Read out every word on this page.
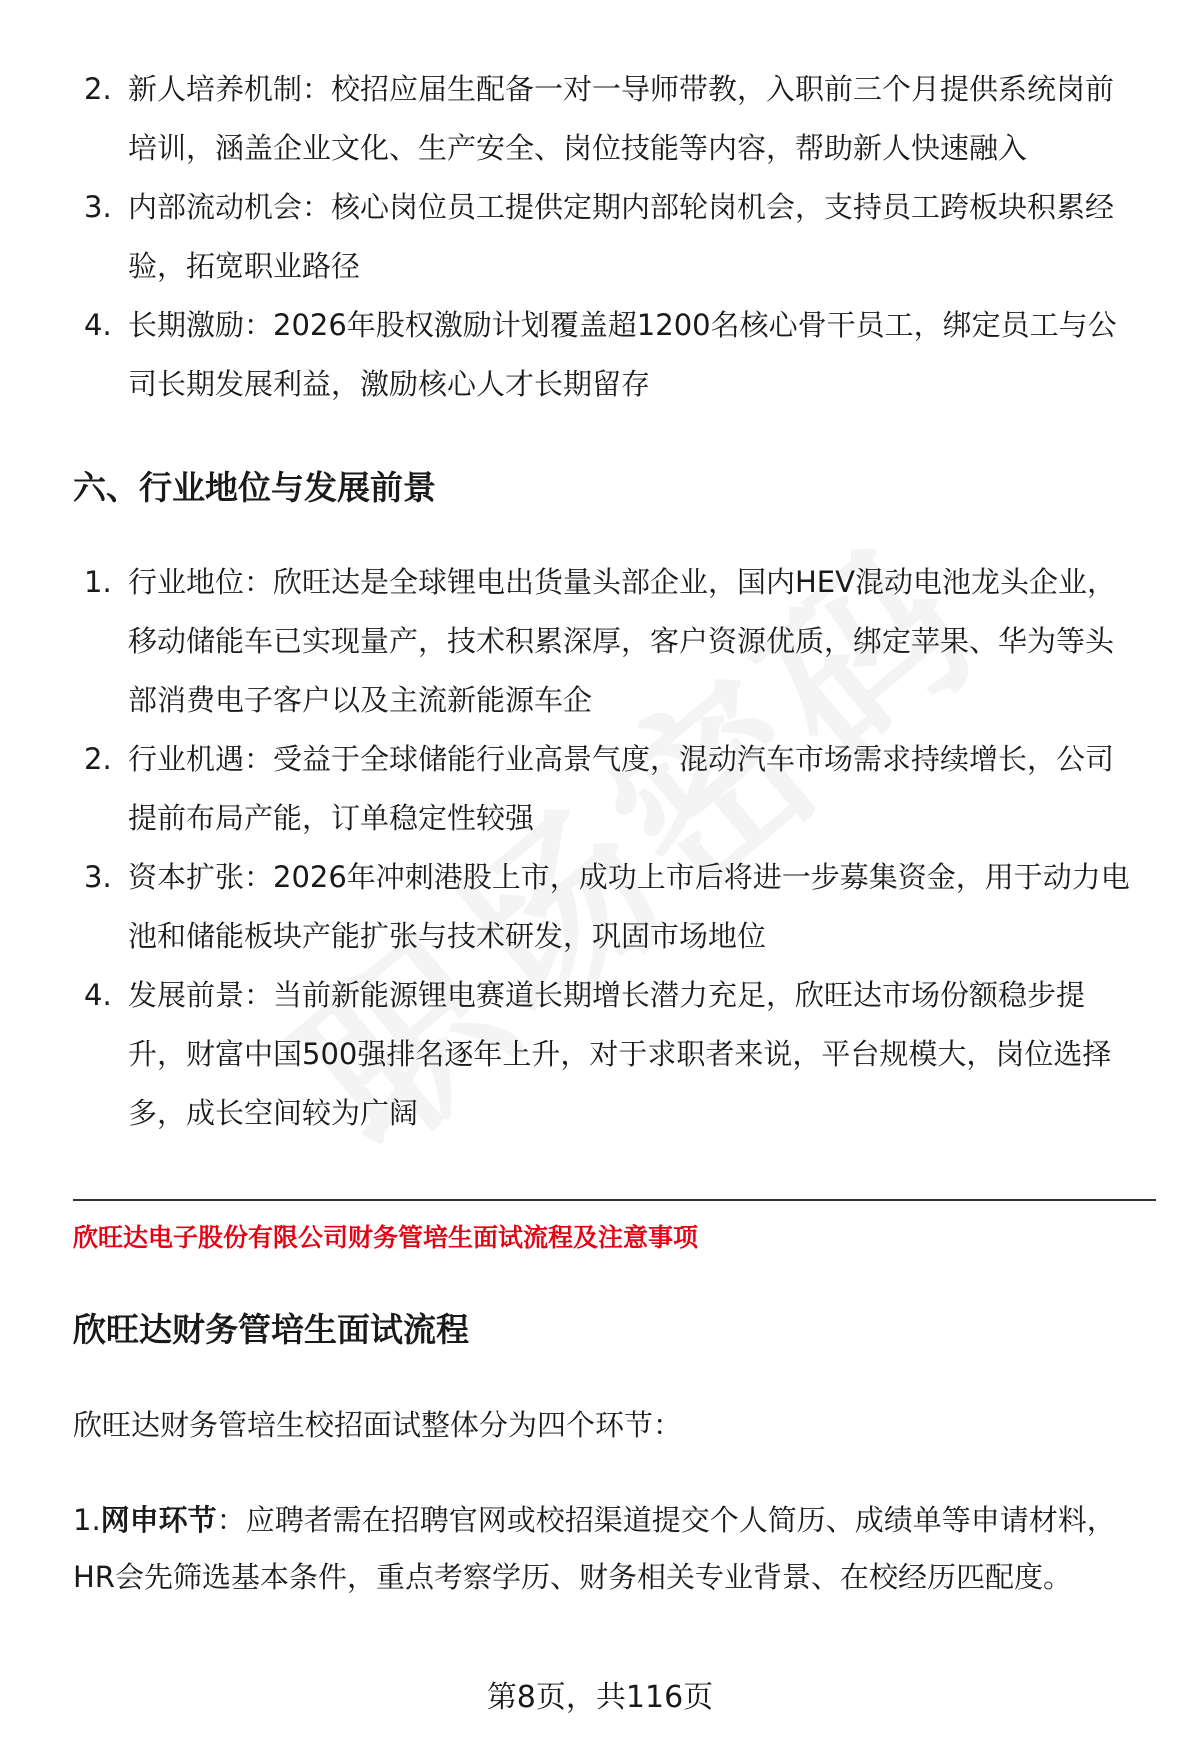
2. 新人培养机制：校招应届生配备一对一导师带教，入职前三个月提供系统岗前培训，涵盖企业文化、生产安全、岗位技能等内容，帮助新人快速融入
3. 内部流动机会：核心岗位员工提供定期内部轮岗机会，支持员工跨板块积累经验，拓宽职业路径
4. 长期激励：2026年股权激励计划覆盖超1200名核心骨干员工，绑定员工与公司长期发展利益，激励核心人才长期留存
六、行业地位与发展前景
1. 行业地位：欣旺达是全球锂电出货量头部企业，国内HEV混动电池龙头企业，移动储能车已实现量产，技术积累深厚，客户资源优质，绑定苹果、华为等头部消费电子客户以及主流新能源车企
2. 行业机遇：受益于全球储能行业高景气度，混动汽车市场需求持续增长，公司提前布局产能，订单稳定性较强
3. 资本扩张：2026年冲刺港股上市，成功上市后将进一步募集资金，用于动力电池和储能板块产能扩张与技术研发，巩固市场地位
4. 发展前景：当前新能源锂电赛道长期增长潜力充足，欣旺达市场份额稳步提升，财富中国500强排名逐年上升，对于求职者来说，平台规模大，岗位选择多，成长空间较为广阔
欣旺达电子股份有限公司财务管培生面试流程及注意事项
欣旺达财务管培生面试流程
欣旺达财务管培生校招面试整体分为四个环节：
1.网申环节：应聘者需在招聘官网或校招渠道提交个人简历、成绩单等申请材料，HR会先筛选基本条件，重点考察学历、财务相关专业背景、在校经历匹配度。
第8页，共116页
